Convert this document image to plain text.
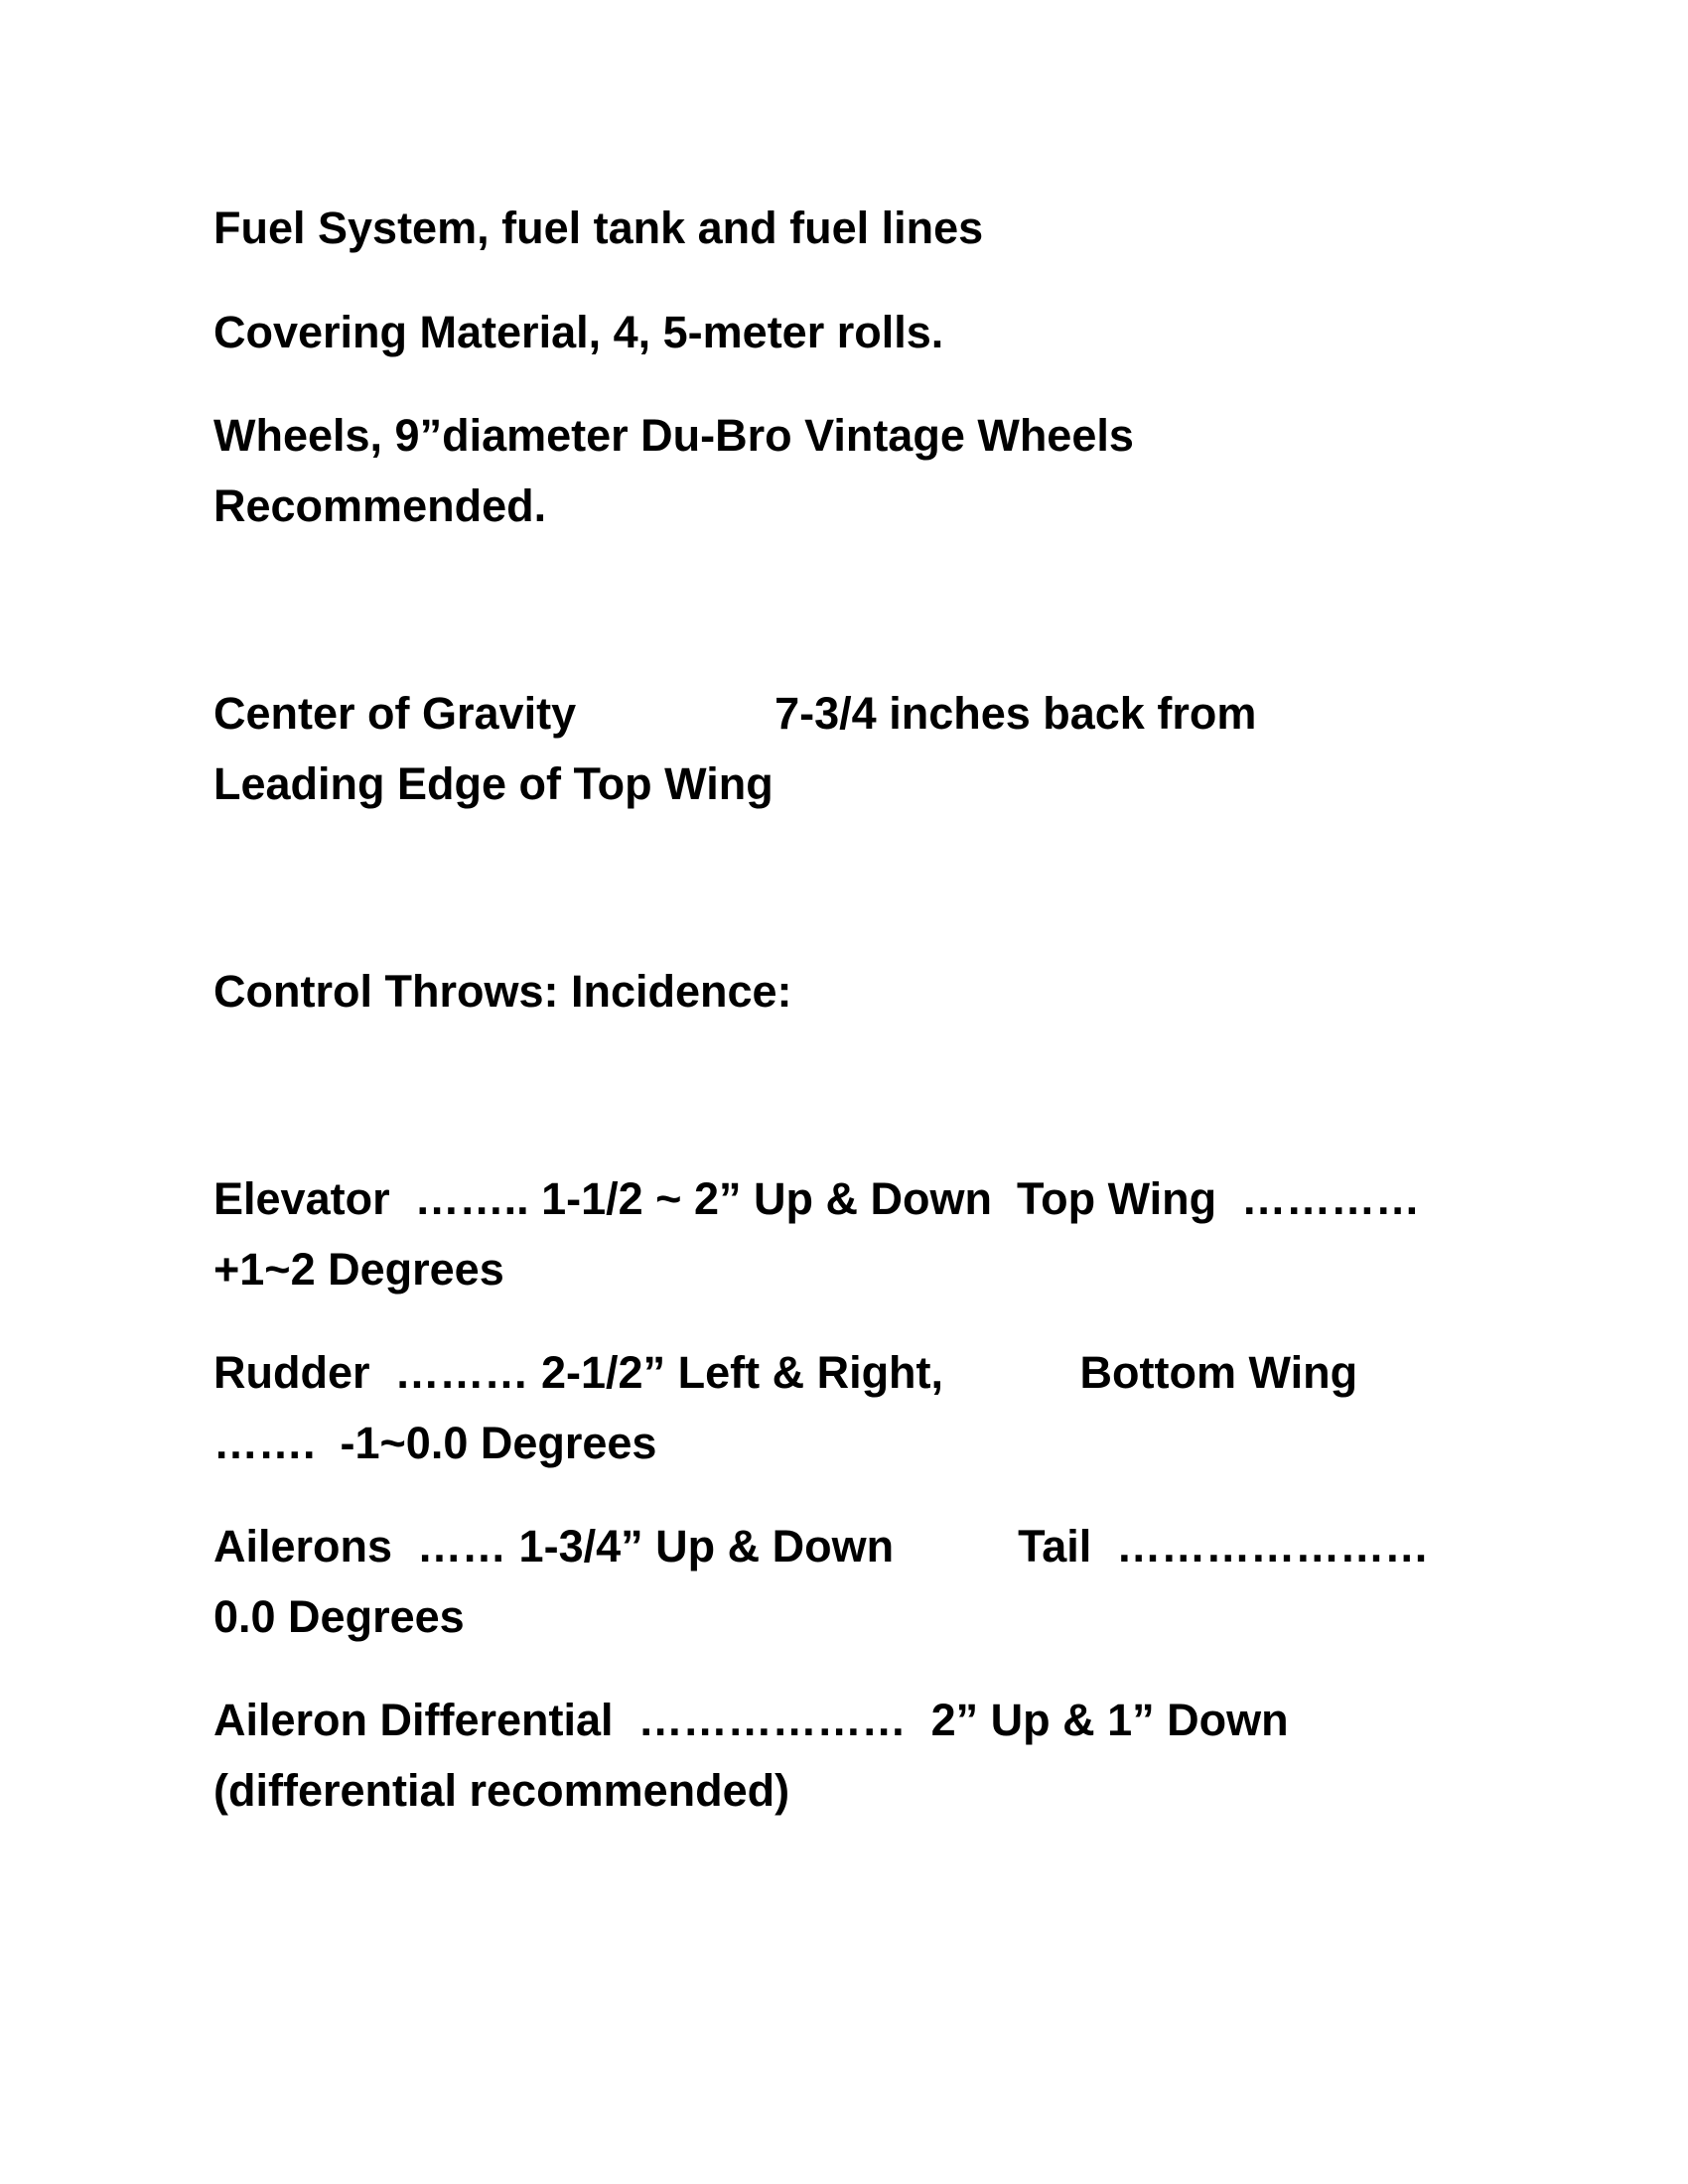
Fuel System, fuel tank and fuel lines
Covering Material, 4, 5-meter rolls.
Wheels, 9”diameter Du-Bro Vintage Wheels
Recommended.
Center of Gravity                7-3/4 inches back from
Leading Edge of Top Wing
Control Throws: Incidence:
Elevator  …….. 1-1/2 ~ 2” Up & Down  Top Wing  …………
+1~2 Degrees
Rudder  ……… 2-1/2” Left & Right,           Bottom Wing
…….  -1~0.0 Degrees
Ailerons  …… 1-3/4” Up & Down          Tail  …………………
0.0 Degrees
Aileron Differential  ………………  2” Up & 1” Down
(differential recommended)
